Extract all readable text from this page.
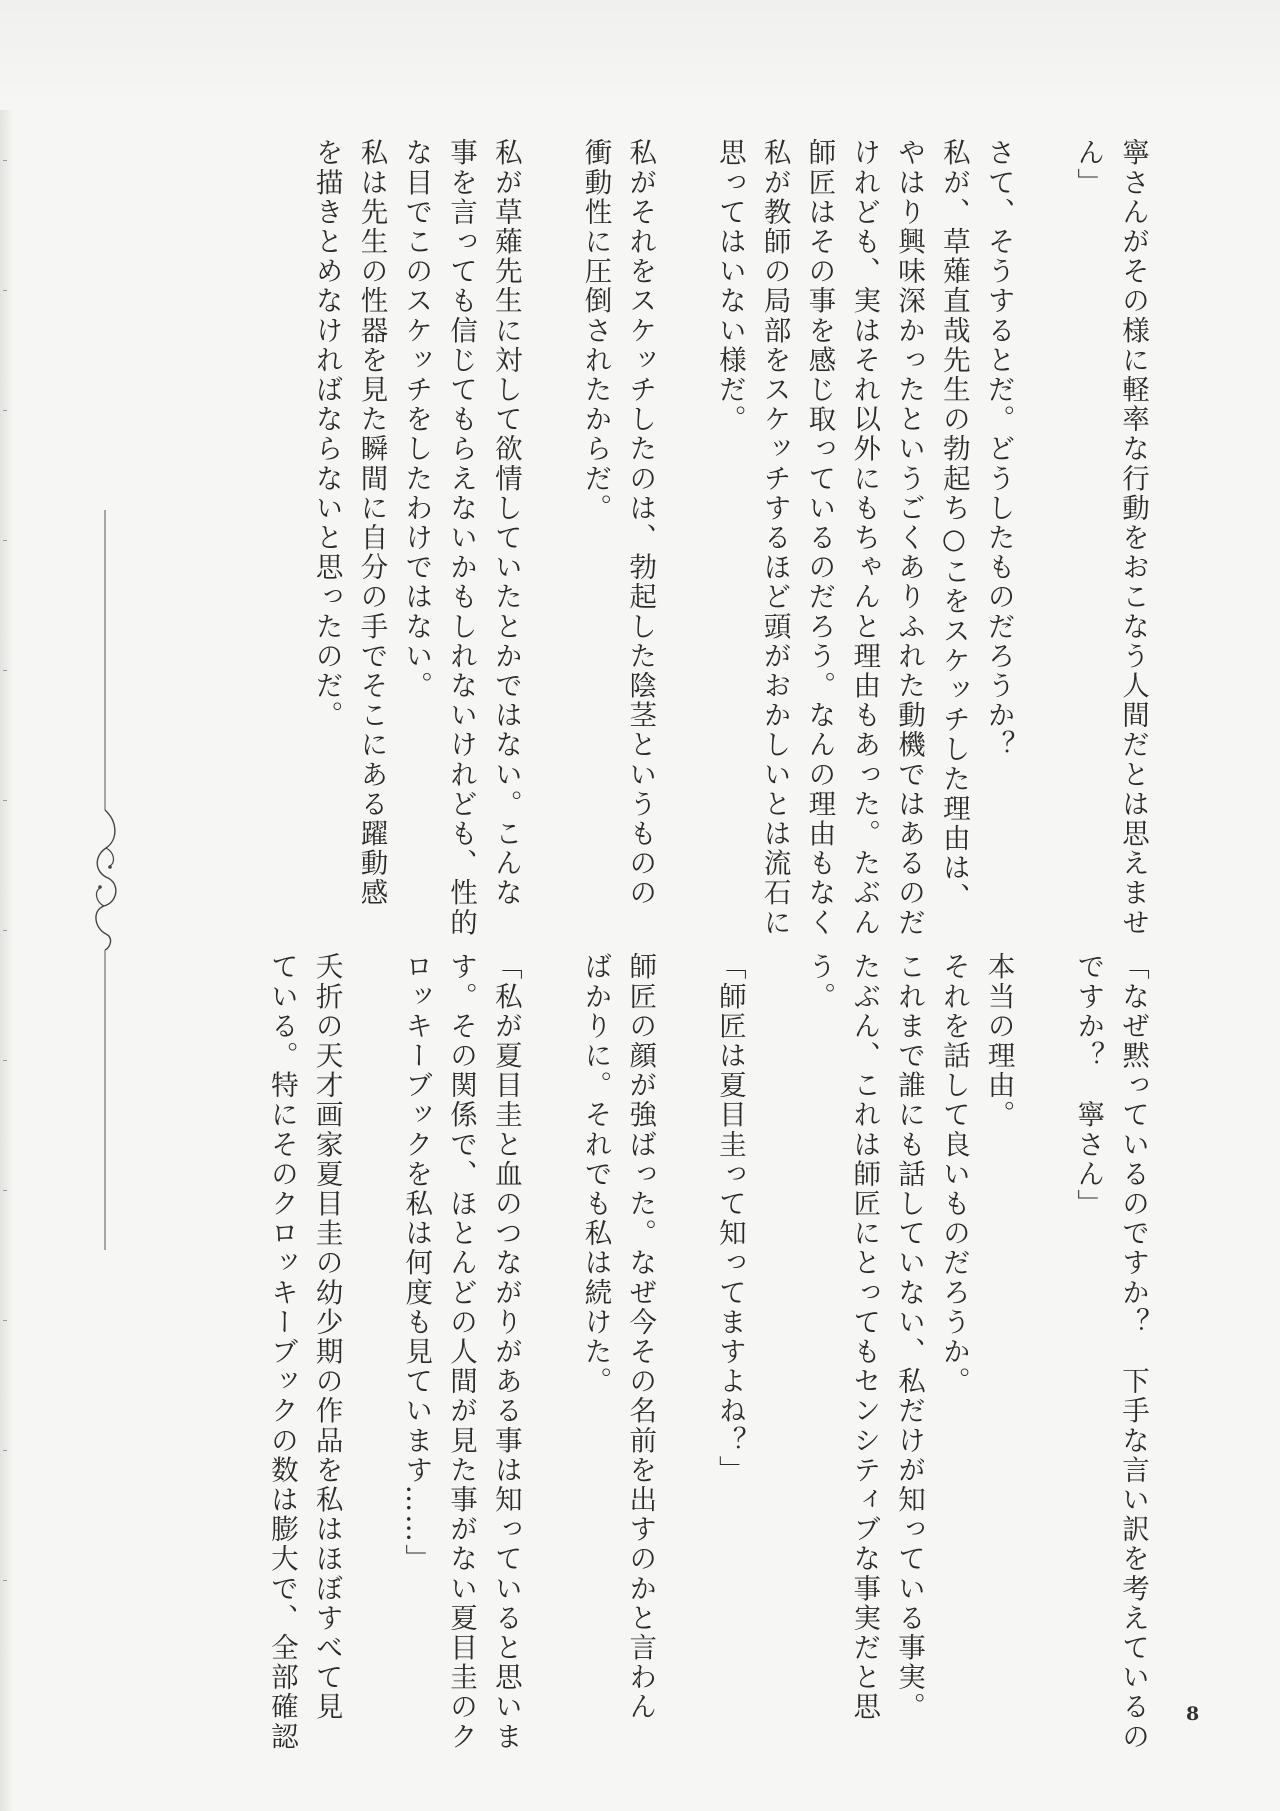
寧さんがその様に軽率な行動をおこなう人間だとは思えませ

ん」

さて、そうするとだ。どうしたものだろうか？

私が、草薙直哉先生の勃起ち○こをスケッチした理由は、

やはり興味深かったというごくありふれた動機ではあるのだ

けれども、実はそれ以外にもちゃんと理由もあった。たぶん

師匠はその事を感じ取っているのだろう。なんの理由もなく

私が教師の局部をスケッチするほど頭がおかしいとは流石に

思ってはいない様だ。

私がそれをスケッチしたのは、勃起した陰茎というものの

衝動性に圧倒されたからだ。

私が草薙先生に対して欲情していたとかではない。こんな

事を言っても信じてもらえないかもしれないけれども、性的

な目でこのスケッチをしたわけではない。

私は先生の性器を見た瞬間に自分の手でそこにある躍動感

を描きとめなければならないと思ったのだ。

「なぜ黙っているのですか？　下手な言い訳を考えているの

ですか？　寧さん」

本当の理由。

それを話して良いものだろうか。

これまで誰にも話していない、私だけが知っている事実。

たぶん、これは師匠にとってもセンシティブな事実だと思

う。

「師匠は夏目圭って知ってますよね？」

師匠の顔が強ばった。なぜ今その名前を出すのかと言わん

ばかりに。それでも私は続けた。

「私が夏目圭と血のつながりがある事は知っていると思いま

す。その関係で、ほとんどの人間が見た事がない夏目圭のク

ロッキーブックを私は何度も見ています……」

夭折の天才画家夏目圭の幼少期の作品を私はほぼすべて見

ている。特にそのクロッキーブックの数は膨大で、全部確認	8
